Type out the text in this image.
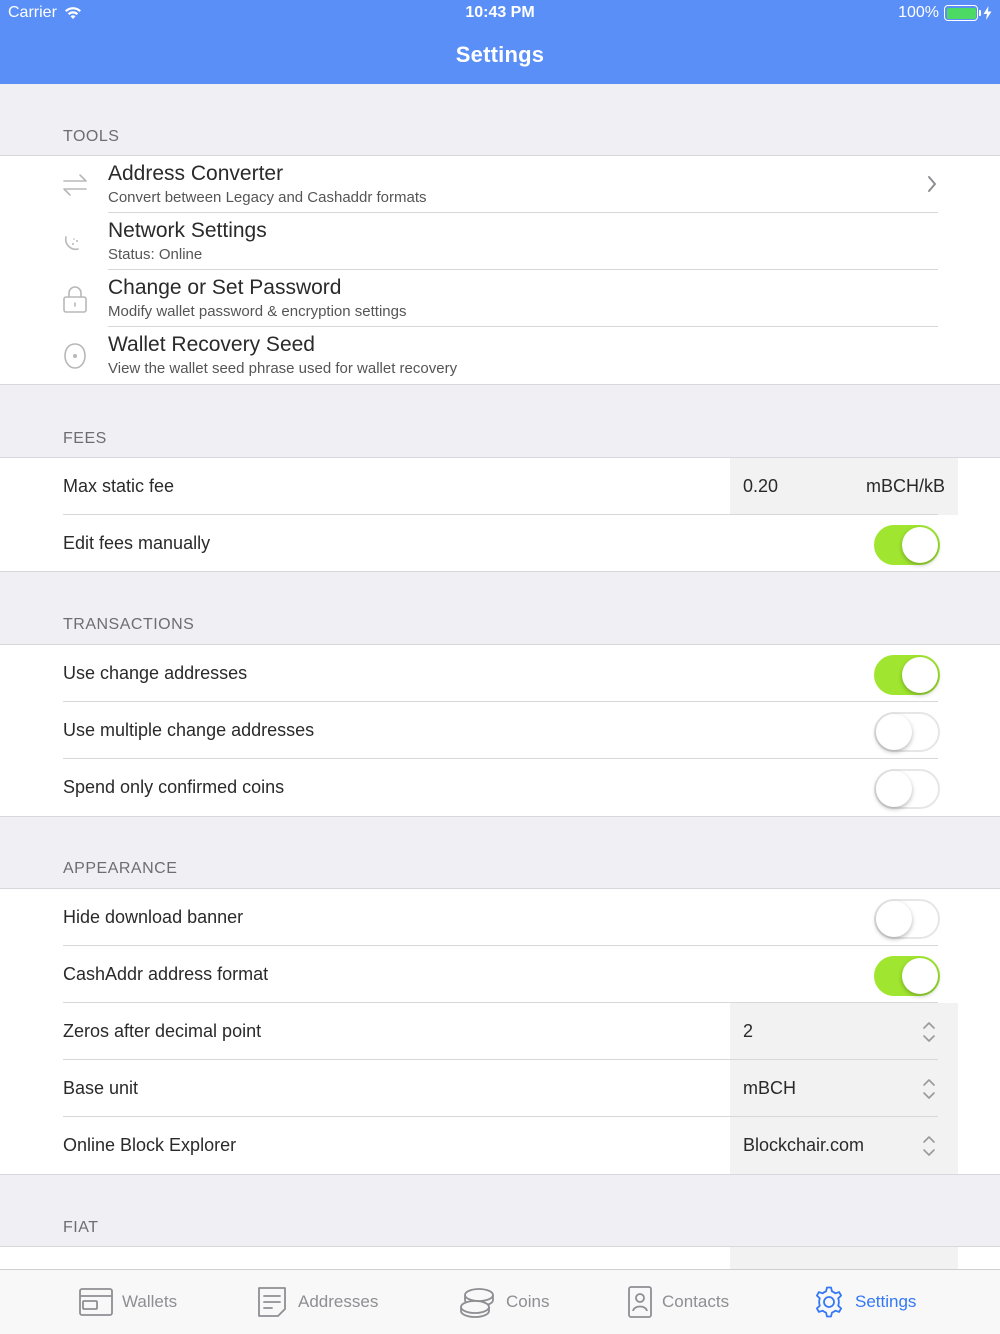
Carrier	10:43 PM	100%
Settings
TOOLS
Address Converter
Convert between Legacy and Cashaddr formats
Network Settings
Status: Online
Change or Set Password
Modify wallet password & encryption settings
Wallet Recovery Seed
View the wallet seed phrase used for wallet recovery
FEES
Max static fee	0.20	mBCH/kB
Edit fees manually
TRANSACTIONS
Use change addresses
Use multiple change addresses
Spend only confirmed coins
APPEARANCE
Hide download banner
CashAddr address format
Zeros after decimal point	2
Base unit	mBCH
Online Block Explorer	Blockchair.com
FIAT
Wallets	Addresses	Coins	Contacts	Settings
